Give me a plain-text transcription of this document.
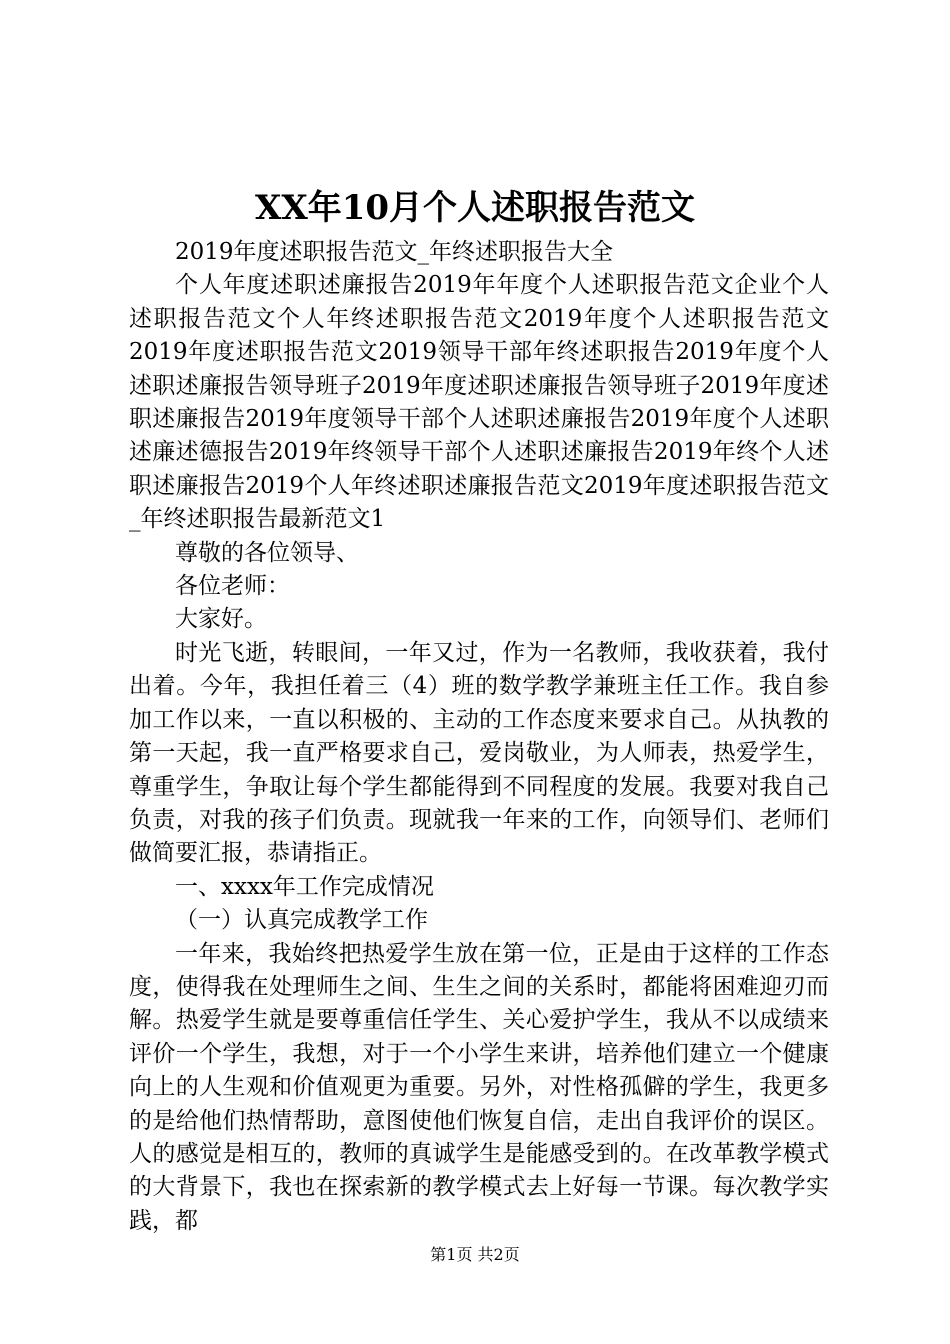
XX年10月个人述职报告范文

2019年度述职报告范文_年终述职报告大全

个人年度述职述廉报告2019年年度个人述职报告范文企业个人述职报告范文个人年终述职报告范文2019年度个人述职报告范文2019年度述职报告范文2019领导干部年终述职报告2019年度个人述职述廉报告领导班子2019年度述职述廉报告领导班子2019年度述职述廉报告2019年度领导干部个人述职述廉报告2019年度个人述职述廉述德报告2019年终领导干部个人述职述廉报告2019年终个人述职述廉报告2019个人年终述职述廉报告范文2019年度述职报告范文_年终述职报告最新范文1

尊敬的各位领导、

各位老师：

大家好。

时光飞逝，转眼间，一年又过，作为一名教师，我收获着，我付出着。今年，我担任着三（4）班的数学教学兼班主任工作。我自参加工作以来，一直以积极的、主动的工作态度来要求自己。从执教的第一天起，我一直严格要求自己，爱岗敬业，为人师表，热爱学生，尊重学生，争取让每个学生都能得到不同程度的发展。我要对我自己负责，对我的孩子们负责。现就我一年来的工作，向领导们、老师们做简要汇报，恭请指正。

一、xxxx年工作完成情况

（一）认真完成教学工作

一年来，我始终把热爱学生放在第一位，正是由于这样的工作态度，使得我在处理师生之间、生生之间的关系时，都能将困难迎刃而解。热爱学生就是要尊重信任学生、关心爱护学生，我从不以成绩来评价一个学生，我想，对于一个小学生来讲，培养他们建立一个健康向上的人生观和价值观更为重要。另外，对性格孤僻的学生，我更多的是给他们热情帮助，意图使他们恢复自信，走出自我评价的误区。人的感觉是相互的，教师的真诚学生是能感受到的。在改革教学模式的大背景下，我也在探索新的教学模式去上好每一节课。每次教学实践，都

第1页 共2页
